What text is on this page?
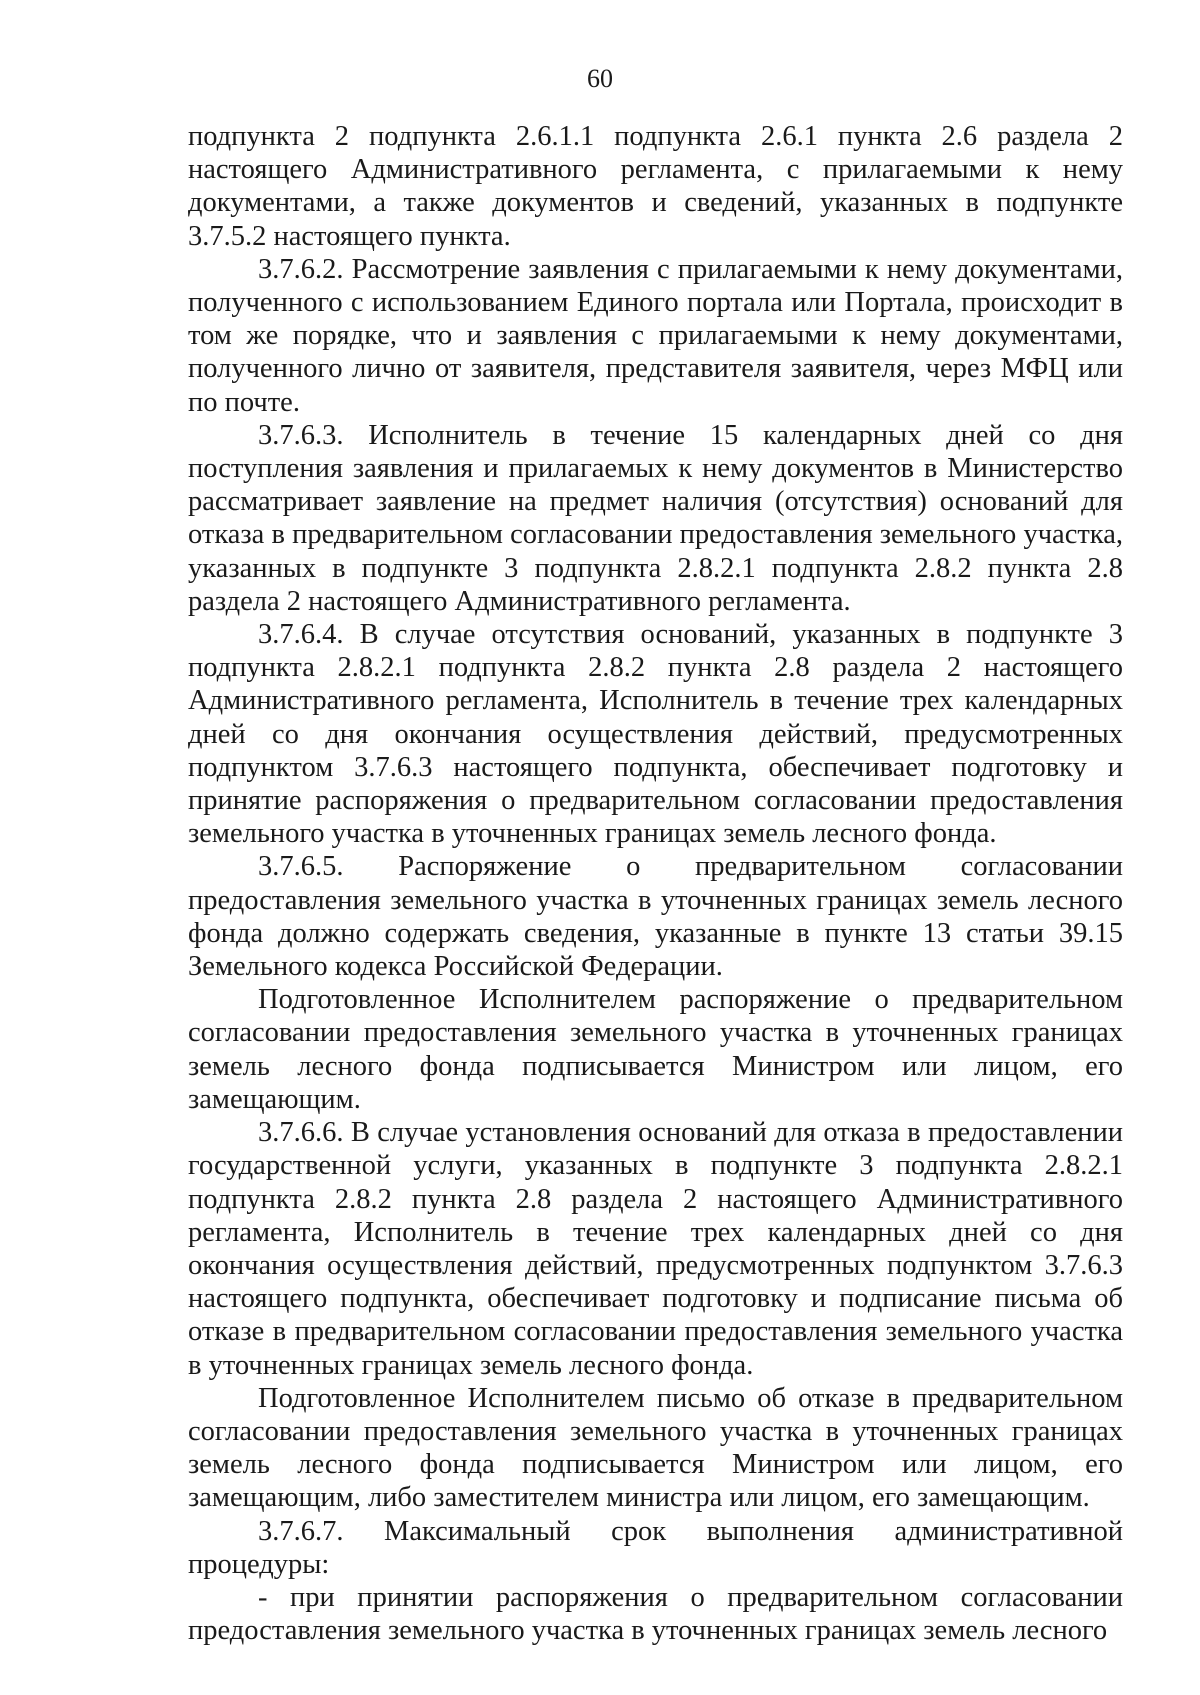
60

подпункта 2 подпункта 2.6.1.1 подпункта 2.6.1 пункта 2.6 раздела 2 настоящего Административного регламента, с прилагаемыми к нему документами, а также документов и сведений, указанных в подпункте 3.7.5.2 настоящего пункта.

3.7.6.2. Рассмотрение заявления с прилагаемыми к нему документами, полученного с использованием Единого портала или Портала, происходит в том же порядке, что и заявления с прилагаемыми к нему документами, полученного лично от заявителя, представителя заявителя, через МФЦ или по почте.

3.7.6.3. Исполнитель в течение 15 календарных дней со дня поступления заявления и прилагаемых к нему документов в Министерство рассматривает заявление на предмет наличия (отсутствия) оснований для отказа в предварительном согласовании предоставления земельного участка, указанных в подпункте 3 подпункта 2.8.2.1 подпункта 2.8.2 пункта 2.8 раздела 2 настоящего Административного регламента.

3.7.6.4. В случае отсутствия оснований, указанных в подпункте 3 подпункта 2.8.2.1 подпункта 2.8.2 пункта 2.8 раздела 2 настоящего Административного регламента, Исполнитель в течение трех календарных дней со дня окончания осуществления действий, предусмотренных подпунктом 3.7.6.3 настоящего подпункта, обеспечивает подготовку и принятие распоряжения о предварительном согласовании предоставления земельного участка в уточненных границах земель лесного фонда.

3.7.6.5. Распоряжение о предварительном согласовании предоставления земельного участка в уточненных границах земель лесного фонда должно содержать сведения, указанные в пункте 13 статьи 39.15 Земельного кодекса Российской Федерации.

Подготовленное Исполнителем распоряжение о предварительном согласовании предоставления земельного участка в уточненных границах земель лесного фонда подписывается Министром или лицом, его замещающим.

3.7.6.6. В случае установления оснований для отказа в предоставлении государственной услуги, указанных в подпункте 3 подпункта 2.8.2.1 подпункта 2.8.2 пункта 2.8 раздела 2 настоящего Административного регламента, Исполнитель в течение трех календарных дней со дня окончания осуществления действий, предусмотренных подпунктом 3.7.6.3 настоящего подпункта, обеспечивает подготовку и подписание письма об отказе в предварительном согласовании предоставления земельного участка в уточненных границах земель лесного фонда.

Подготовленное Исполнителем письмо об отказе в предварительном согласовании предоставления земельного участка в уточненных границах земель лесного фонда подписывается Министром или лицом, его замещающим, либо заместителем министра или лицом, его замещающим.

3.7.6.7. Максимальный срок выполнения административной процедуры:

- при принятии распоряжения о предварительном согласовании предоставления земельного участка в уточненных границах земель лесного
